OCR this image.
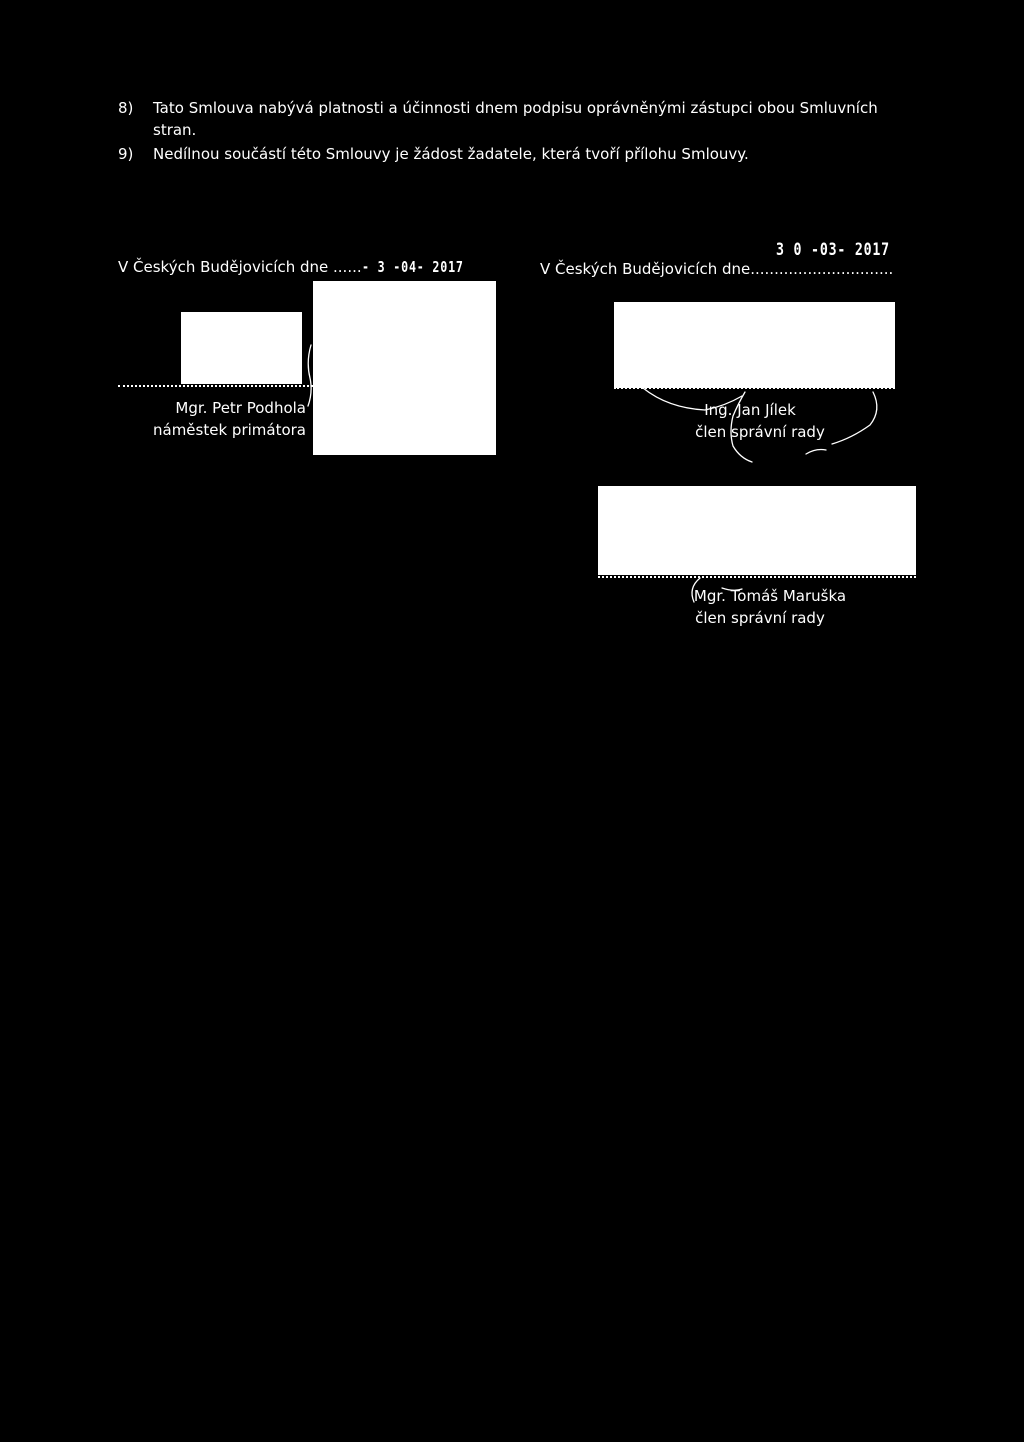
8) Tato Smlouva nabývá platnosti a účinnosti dnem podpisu oprávněnými zástupci obou Smluvních stran.
9) Nedílnou součástí této Smlouvy je žádost žadatele, která tvoří přílohu Smlouvy.
V Českých Budějovicích dne ......- 3 -04- 2017	V Českých Budějovicích dne..............................
3 0 -03- 2017
Mgr. Petr Podhola
náměstek primátora
Ing. Jan Jílek
člen správní rady
Mgr. Tomáš Maruška
člen správní rady
